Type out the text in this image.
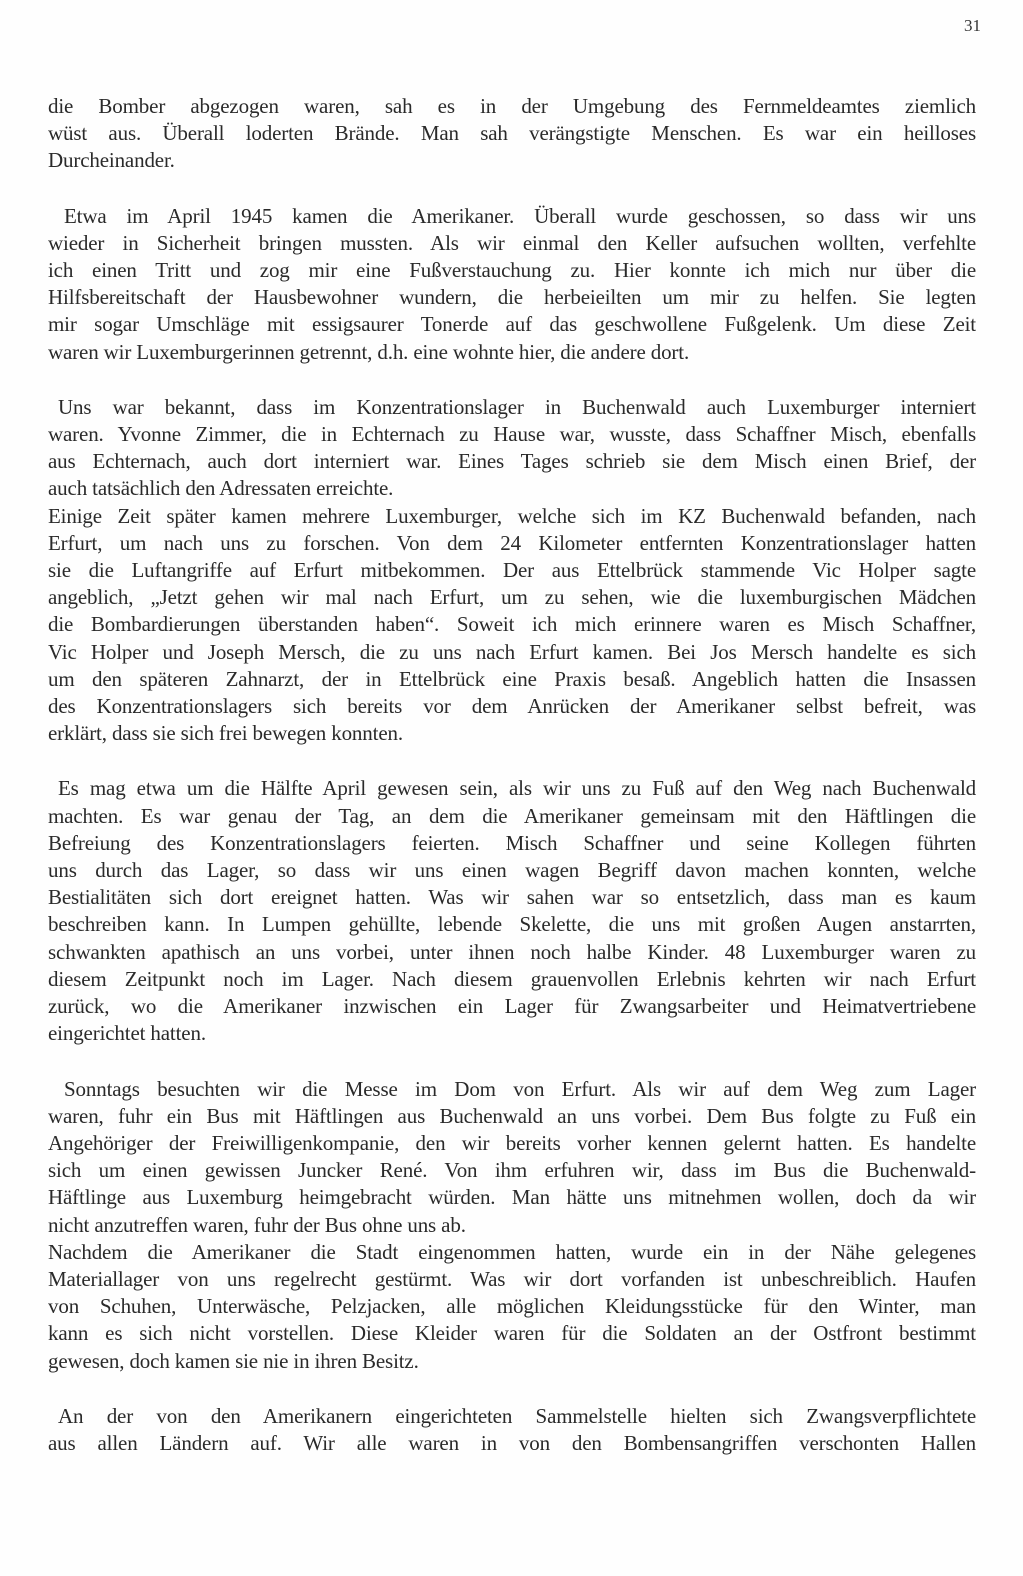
31

die Bomber abgezogen waren, sah es in der Umgebung des Fernmeldeamtes ziemlich
wüst aus. Überall loderten Brände. Man sah verängstigte Menschen. Es war ein heilloses
Durcheinander.

Etwa im April 1945 kamen die Amerikaner. Überall wurde geschossen, so dass wir uns
wieder in Sicherheit bringen mussten. Als wir einmal den Keller aufsuchen wollten, verfehlte
ich einen Tritt und zog mir eine Fußverstauchung zu. Hier konnte ich mich nur über die
Hilfsbereitschaft der Hausbewohner wundern, die herbeieilten um mir zu helfen. Sie legten
mir sogar Umschläge mit essigsaurer Tonerde auf das geschwollene Fußgelenk. Um diese Zeit
waren wir Luxemburgerinnen getrennt, d.h. eine wohnte hier, die andere dort.

Uns war bekannt, dass im Konzentrationslager in Buchenwald auch Luxemburger interniert
waren. Yvonne Zimmer, die in Echternach zu Hause war, wusste, dass Schaffner Misch, ebenfalls
aus Echternach, auch dort interniert war. Eines Tages schrieb sie dem Misch einen Brief, der
auch tatsächlich den Adressaten erreichte.

Einige Zeit später kamen mehrere Luxemburger, welche sich im KZ Buchenwald befanden, nach
Erfurt, um nach uns zu forschen. Von dem 24 Kilometer entfernten Konzentrationslager hatten
sie die Luftangriffe auf Erfurt mitbekommen. Der aus Ettelbrück stammende Vic Holper sagte
angeblich, „Jetzt gehen wir mal nach Erfurt, um zu sehen, wie die luxemburgischen Mädchen
die Bombardierungen überstanden haben“. Soweit ich mich erinnere waren es Misch Schaffner,
Vic Holper und Joseph Mersch, die zu uns nach Erfurt kamen. Bei Jos Mersch handelte es sich
um den späteren Zahnarzt, der in Ettelbrück eine Praxis besaß. Angeblich hatten die Insassen
des Konzentrationslagers sich bereits vor dem Anrücken der Amerikaner selbst befreit, was
erklärt, dass sie sich frei bewegen konnten.

Es mag etwa um die Hälfte April gewesen sein, als wir uns zu Fuß auf den Weg nach Buchenwald
machten. Es war genau der Tag, an dem die Amerikaner gemeinsam mit den Häftlingen die
Befreiung des Konzentrationslagers feierten. Misch Schaffner und seine Kollegen führten
uns durch das Lager, so dass wir uns einen wagen Begriff davon machen konnten, welche
Bestialitäten sich dort ereignet hatten. Was wir sahen war so entsetzlich, dass man es kaum
beschreiben kann. In Lumpen gehüllte, lebende Skelette, die uns mit großen Augen anstarrten,
schwankten apathisch an uns vorbei, unter ihnen noch halbe Kinder. 48 Luxemburger waren zu
diesem Zeitpunkt noch im Lager. Nach diesem grauenvollen Erlebnis kehrten wir nach Erfurt
zurück, wo die Amerikaner inzwischen ein Lager für Zwangsarbeiter und Heimatvertriebene
eingerichtet hatten.

Sonntags besuchten wir die Messe im Dom von Erfurt. Als wir auf dem Weg zum Lager
waren, fuhr ein Bus mit Häftlingen aus Buchenwald an uns vorbei. Dem Bus folgte zu Fuß ein
Angehöriger der Freiwilligenkompanie, den wir bereits vorher kennen gelernt hatten. Es handelte
sich um einen gewissen Juncker René. Von ihm erfuhren wir, dass im Bus die Buchenwald-
Häftlinge aus Luxemburg heimgebracht würden. Man hätte uns mitnehmen wollen, doch da wir
nicht anzutreffen waren, fuhr der Bus ohne uns ab.

Nachdem die Amerikaner die Stadt eingenommen hatten, wurde ein in der Nähe gelegenes
Materiallager von uns regelrecht gestürmt. Was wir dort vorfanden ist unbeschreiblich. Haufen
von Schuhen, Unterwäsche, Pelzjacken, alle möglichen Kleidungsstücke für den Winter, man
kann es sich nicht vorstellen. Diese Kleider waren für die Soldaten an der Ostfront bestimmt
gewesen, doch kamen sie nie in ihren Besitz.

An der von den Amerikanern eingerichteten Sammelstelle hielten sich Zwangsverpflichtete
aus allen Ländern auf. Wir alle waren in von den Bombensangriffen verschonten Hallen
